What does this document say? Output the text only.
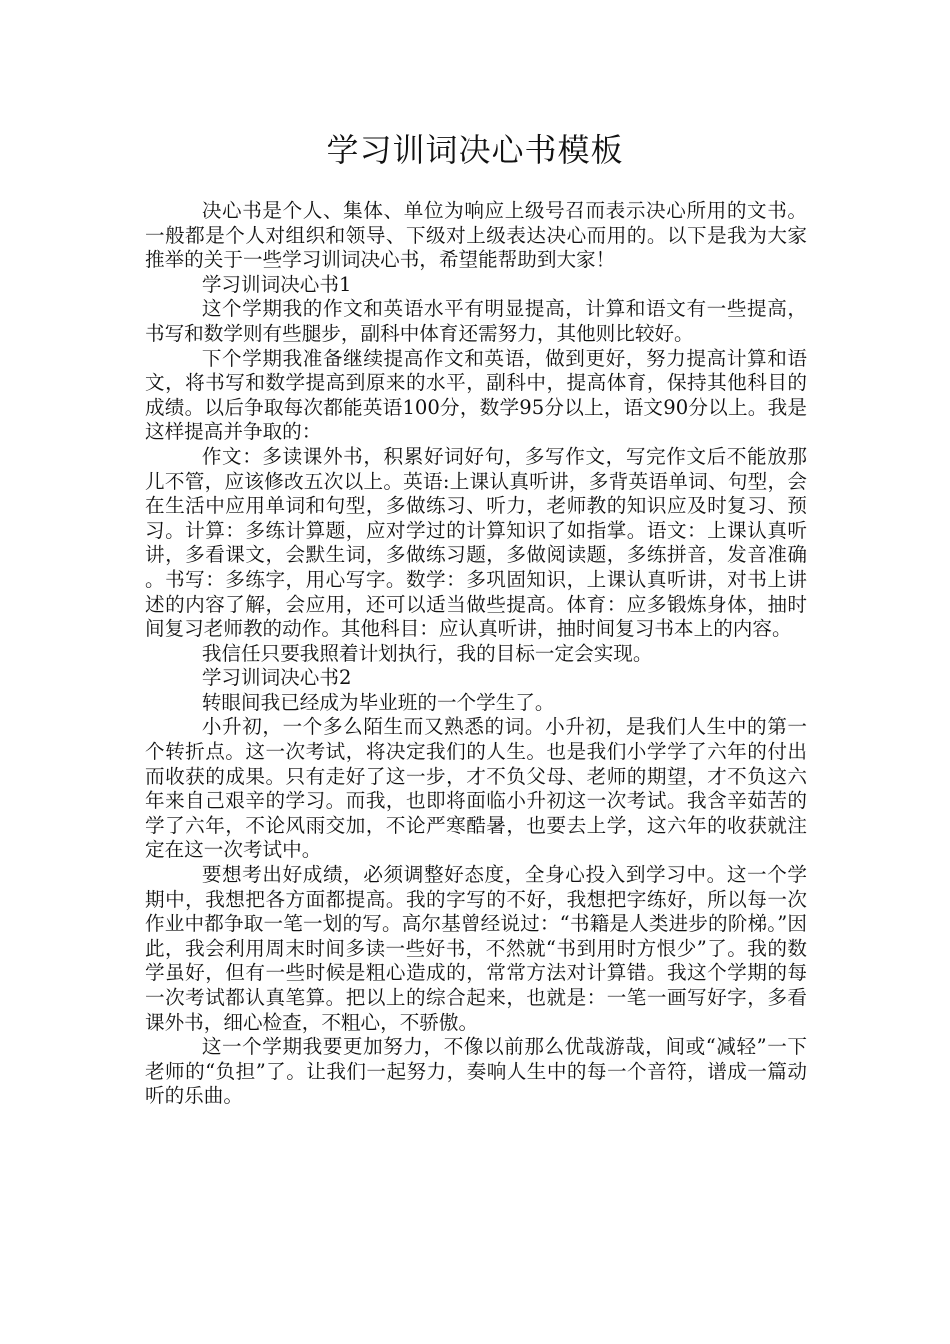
学习训词决心书模板

决心书是个人、集体、单位为响应上级号召而表示决心所用的文书。一般都是个人对组织和领导、下级对上级表达决心而用的。以下是我为大家推举的关于一些学习训词决心书，希望能帮助到大家！

学习训词决心书1

这个学期我的作文和英语水平有明显提高，计算和语文有一些提高，书写和数学则有些腿步，副科中体育还需努力，其他则比较好。

下个学期我准备继续提高作文和英语，做到更好，努力提高计算和语文，将书写和数学提高到原来的水平，副科中，提高体育，保持其他科目的成绩。以后争取每次都能英语100分，数学95分以上，语文90分以上。我是这样提高并争取的：

作文：多读课外书，积累好词好句，多写作文，写完作文后不能放那儿不管，应该修改五次以上。英语:上课认真听讲，多背英语单词、句型，会在生活中应用单词和句型，多做练习、听力，老师教的知识应及时复习、预习。计算：多练计算题，应对学过的计算知识了如指掌。语文：上课认真听讲，多看课文，会默生词，多做练习题，多做阅读题，多练拼音，发音准确。书写：多练字，用心写字。数学：多巩固知识，上课认真听讲，对书上讲述的内容了解，会应用，还可以适当做些提高。体育：应多锻炼身体，抽时间复习老师教的动作。其他科目：应认真听讲，抽时间复习书本上的内容。

我信任只要我照着计划执行，我的目标一定会实现。

学习训词决心书2

转眼间我已经成为毕业班的一个学生了。

小升初，一个多么陌生而又熟悉的词。小升初，是我们人生中的第一个转折点。这一次考试，将决定我们的人生。也是我们小学学了六年的付出而收获的成果。只有走好了这一步，才不负父母、老师的期望，才不负这六年来自己艰辛的学习。而我，也即将面临小升初这一次考试。我含辛茹苦的学了六年，不论风雨交加，不论严寒酷暑，也要去上学，这六年的收获就注定在这一次考试中。

要想考出好成绩，必须调整好态度，全身心投入到学习中。这一个学期中，我想把各方面都提高。我的字写的不好，我想把字练好，所以每一次作业中都争取一笔一划的写。高尔基曾经说过：“书籍是人类进步的阶梯。”因此，我会利用周末时间多读一些好书，不然就“书到用时方恨少”了。我的数学虽好，但有一些时候是粗心造成的，常常方法对计算错。我这个学期的每一次考试都认真笔算。把以上的综合起来，也就是：一笔一画写好字，多看课外书，细心检查，不粗心，不骄傲。

这一个学期我要更加努力，不像以前那么优哉游哉，间或“减轻”一下老师的“负担”了。让我们一起努力，奏响人生中的每一个音符，谱成一篇动听的乐曲。
